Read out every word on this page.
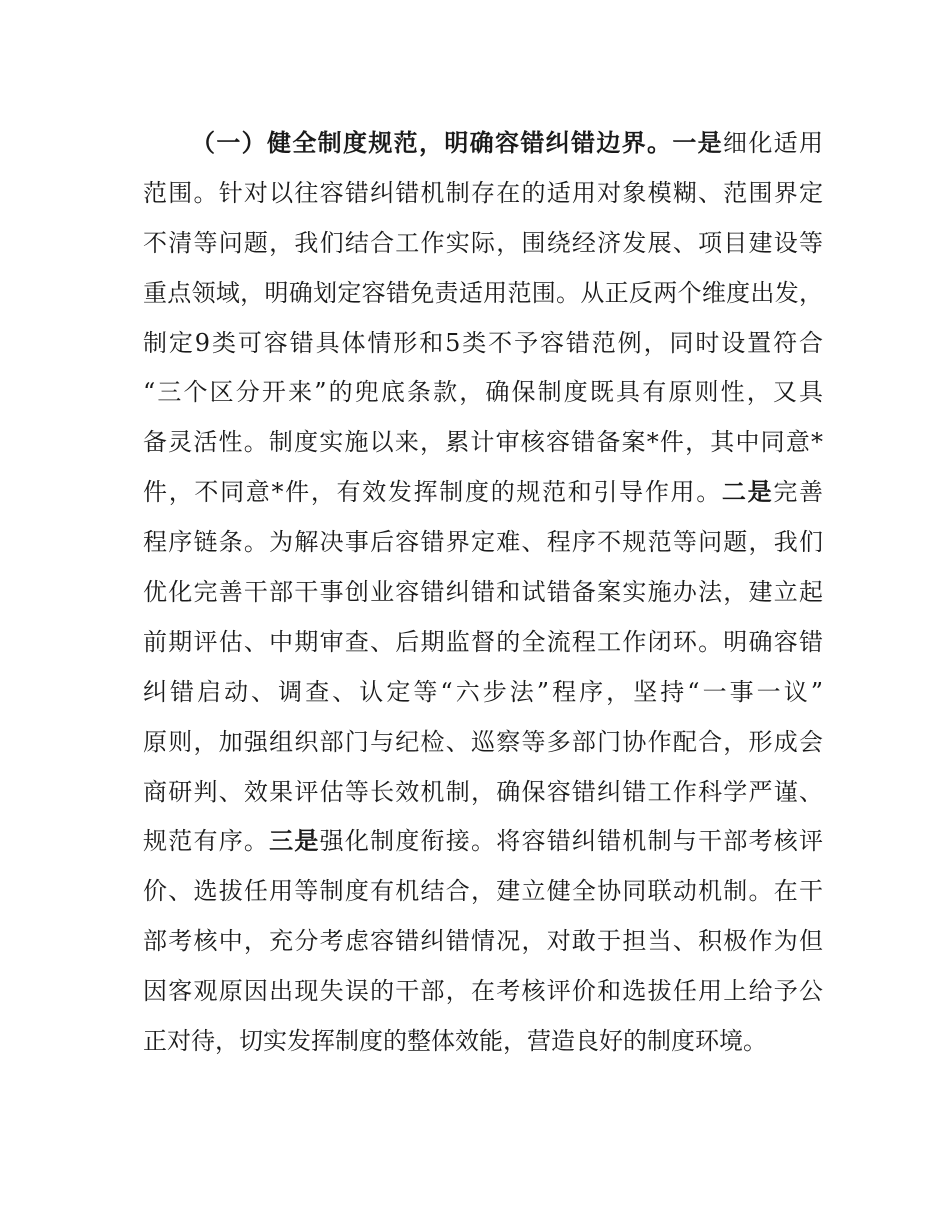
（一）健全制度规范，明确容错纠错边界。一是细化适用
范围。针对以往容错纠错机制存在的适用对象模糊、范围界定
不清等问题，我们结合工作实际，围绕经济发展、项目建设等
重点领域，明确划定容错免责适用范围。从正反两个维度出发，
制定9类可容错具体情形和5类不予容错范例，同时设置符合
“三个区分开来”的兜底条款，确保制度既具有原则性，又具
备灵活性。制度实施以来，累计审核容错备案*件，其中同意*
件，不同意*件，有效发挥制度的规范和引导作用。二是完善
程序链条。为解决事后容错界定难、程序不规范等问题，我们
优化完善干部干事创业容错纠错和试错备案实施办法，建立起
前期评估、中期审查、后期监督的全流程工作闭环。明确容错
纠错启动、调查、认定等“六步法”程序，坚持“一事一议”
原则，加强组织部门与纪检、巡察等多部门协作配合，形成会
商研判、效果评估等长效机制，确保容错纠错工作科学严谨、
规范有序。三是强化制度衔接。将容错纠错机制与干部考核评
价、选拔任用等制度有机结合，建立健全协同联动机制。在干
部考核中，充分考虑容错纠错情况，对敢于担当、积极作为但
因客观原因出现失误的干部，在考核评价和选拔任用上给予公
正对待，切实发挥制度的整体效能，营造良好的制度环境。
